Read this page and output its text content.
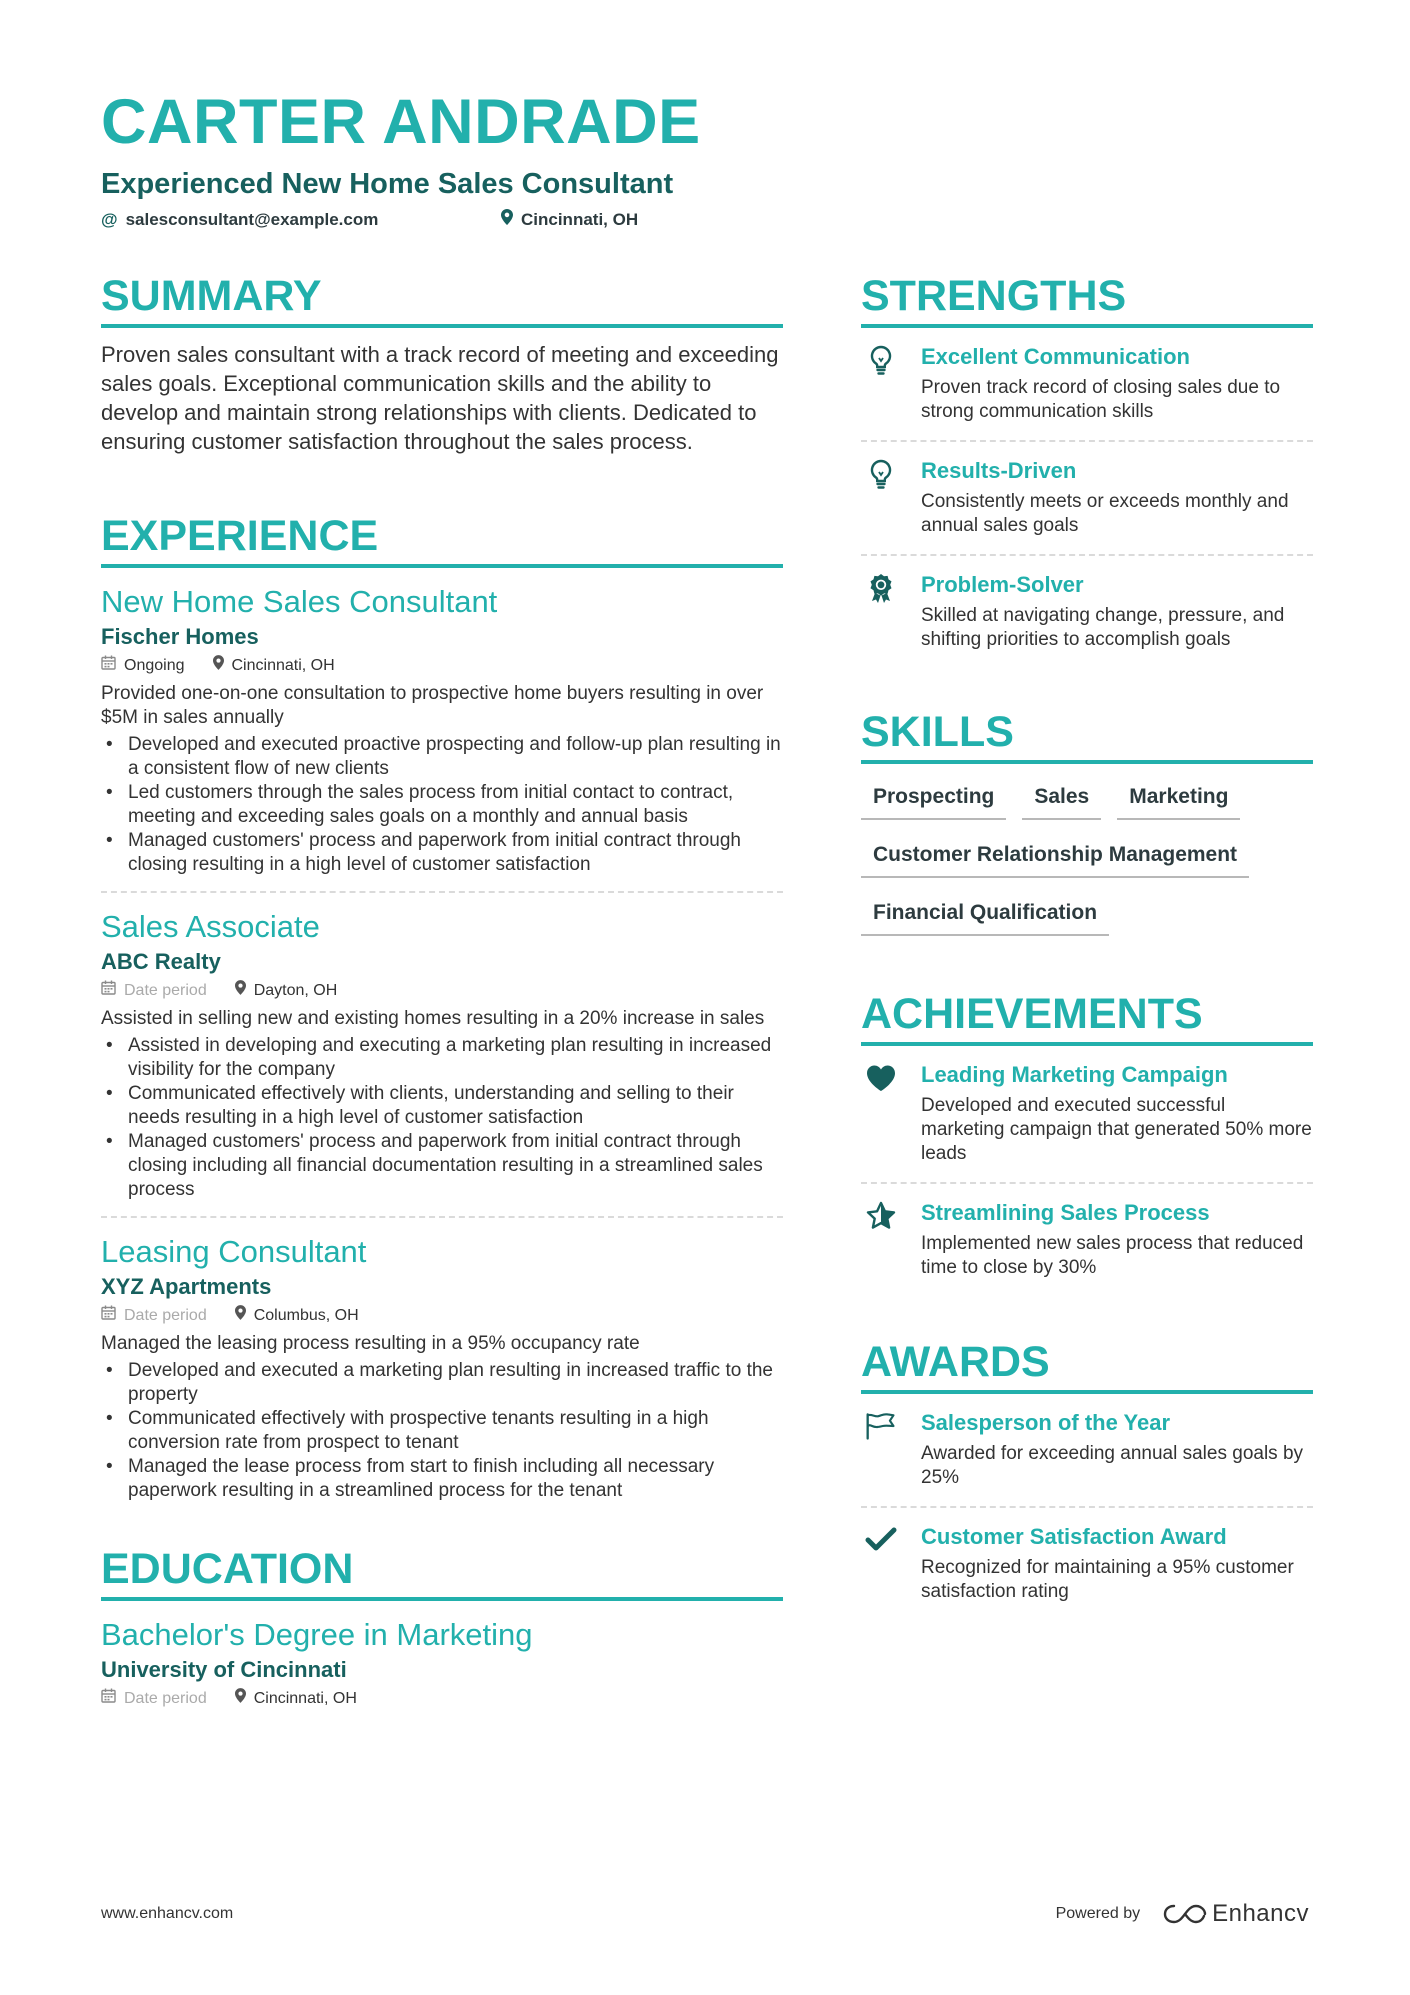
CARTER ANDRADE
Experienced New Home Sales Consultant
@ salesconsultant@example.com	Cincinnati, OH
SUMMARY
Proven sales consultant with a track record of meeting and exceeding sales goals. Exceptional communication skills and the ability to develop and maintain strong relationships with clients. Dedicated to ensuring customer satisfaction throughout the sales process.
EXPERIENCE
New Home Sales Consultant
Fischer Homes
Ongoing	Cincinnati, OH
Provided one-on-one consultation to prospective home buyers resulting in over $5M in sales annually
• Developed and executed proactive prospecting and follow-up plan resulting in a consistent flow of new clients
• Led customers through the sales process from initial contact to contract, meeting and exceeding sales goals on a monthly and annual basis
• Managed customers' process and paperwork from initial contract through closing resulting in a high level of customer satisfaction
Sales Associate
ABC Realty
Date period	Dayton, OH
Assisted in selling new and existing homes resulting in a 20% increase in sales
• Assisted in developing and executing a marketing plan resulting in increased visibility for the company
• Communicated effectively with clients, understanding and selling to their needs resulting in a high level of customer satisfaction
• Managed customers' process and paperwork from initial contract through closing including all financial documentation resulting in a streamlined sales process
Leasing Consultant
XYZ Apartments
Date period	Columbus, OH
Managed the leasing process resulting in a 95% occupancy rate
• Developed and executed a marketing plan resulting in increased traffic to the property
• Communicated effectively with prospective tenants resulting in a high conversion rate from prospect to tenant
• Managed the lease process from start to finish including all necessary paperwork resulting in a streamlined process for the tenant
EDUCATION
Bachelor's Degree in Marketing
University of Cincinnati
Date period	Cincinnati, OH
STRENGTHS
Excellent Communication
Proven track record of closing sales due to strong communication skills
Results-Driven
Consistently meets or exceeds monthly and annual sales goals
Problem-Solver
Skilled at navigating change, pressure, and shifting priorities to accomplish goals
SKILLS
Prospecting	Sales	Marketing
Customer Relationship Management
Financial Qualification
ACHIEVEMENTS
Leading Marketing Campaign
Developed and executed successful marketing campaign that generated 50% more leads
Streamlining Sales Process
Implemented new sales process that reduced time to close by 30%
AWARDS
Salesperson of the Year
Awarded for exceeding annual sales goals by 25%
Customer Satisfaction Award
Recognized for maintaining a 95% customer satisfaction rating
www.enhancv.com	Powered by	Enhancv
